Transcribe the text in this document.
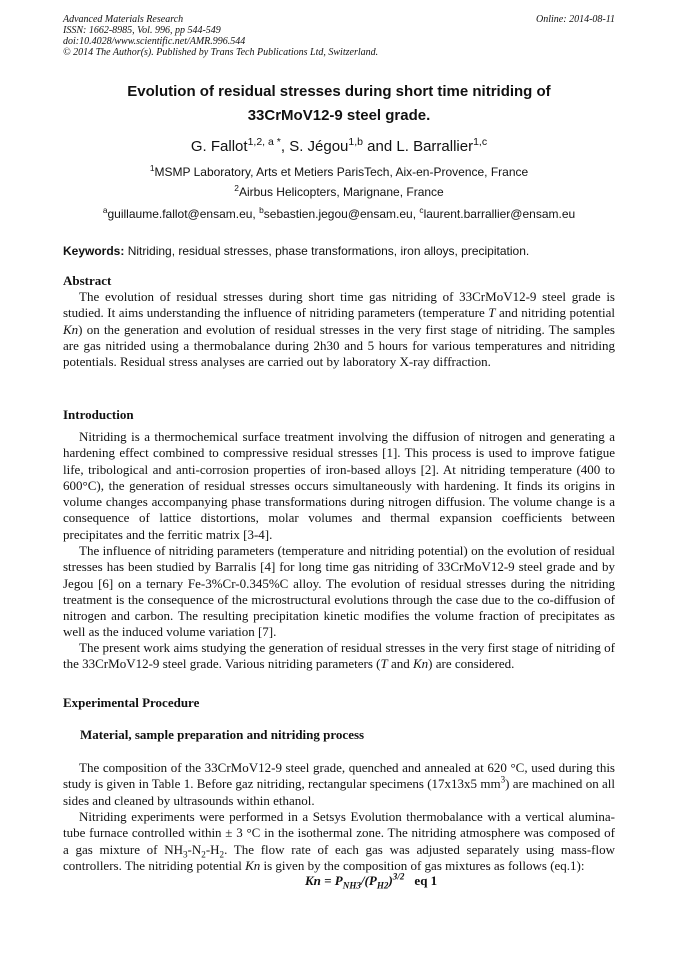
Advanced Materials Research
ISSN: 1662-8985, Vol. 996, pp 544-549
doi:10.4028/www.scientific.net/AMR.996.544
© 2014 The Author(s). Published by Trans Tech Publications Ltd, Switzerland.
Online: 2014-08-11
Evolution of residual stresses during short time nitriding of
33CrMoV12-9 steel grade.
G. Fallot$^{1,2, a *}$, S. Jégou$^{1,b}$ and L. Barrallier$^{1,c}$
$^1$MSMP Laboratory, Arts et Metiers ParisTech, Aix-en-Provence, France
$^2$Airbus Helicopters, Marignane, France
$^a$guillaume.fallot@ensam.eu, $^b$sebastien.jegou@ensam.eu, $^c$laurent.barrallier@ensam.eu
Keywords: Nitriding, residual stresses, phase transformations, iron alloys, precipitation.
Abstract
The evolution of residual stresses during short time gas nitriding of 33CrMoV12-9 steel grade is studied. It aims understanding the influence of nitriding parameters (temperature T and nitriding potential Kn) on the generation and evolution of residual stresses in the very first stage of nitriding. The samples are gas nitrided using a thermobalance during 2h30 and 5 hours for various temperatures and nitriding potentials. Residual stress analyses are carried out by laboratory X-ray diffraction.
Introduction
Nitriding is a thermochemical surface treatment involving the diffusion of nitrogen and generating a hardening effect combined to compressive residual stresses [1]. This process is used to improve fatigue life, tribological and anti-corrosion properties of iron-based alloys [2]. At nitriding temperature (400 to 600°C), the generation of residual stresses occurs simultaneously with hardening. It finds its origins in volume changes accompanying phase transformations during nitrogen diffusion. The volume change is a consequence of lattice distortions, molar volumes and thermal expansion coefficients between precipitates and the ferritic matrix [3-4].
The influence of nitriding parameters (temperature and nitriding potential) on the evolution of residual stresses has been studied by Barralis [4] for long time gas nitriding of 33CrMoV12-9 steel grade and by Jegou [6] on a ternary Fe-3%Cr-0.345%C alloy. The evolution of residual stresses during the nitriding treatment is the consequence of the microstructural evolutions through the case due to the co-diffusion of nitrogen and carbon. The resulting precipitation kinetic modifies the volume fraction of precipitates as well as the induced volume variation [7].
The present work aims studying the generation of residual stresses in the very first stage of nitriding of the 33CrMoV12-9 steel grade. Various nitriding parameters (T and Kn) are considered.
Experimental Procedure
Material, sample preparation and nitriding process
The composition of the 33CrMoV12-9 steel grade, quenched and annealed at 620 °C, used during this study is given in Table 1. Before gaz nitriding, rectangular specimens (17x13x5 $mm^3$) are machined on all sides and cleaned by ultrasounds within ethanol.
Nitriding experiments were performed in a Setsys Evolution thermobalance with a vertical alumina-tube furnace controlled within ± 3 °C in the isothermal zone. The nitriding atmosphere was composed of a gas mixture of $NH_3-N_2-H_2$. The flow rate of each gas was adjusted separately using mass-flow controllers. The nitriding potential Kn is given by the composition of gas mixtures as follows (eq.1):
$Kn = P_{NH3}/(P_{H2})^{3/2}$ eq 1
